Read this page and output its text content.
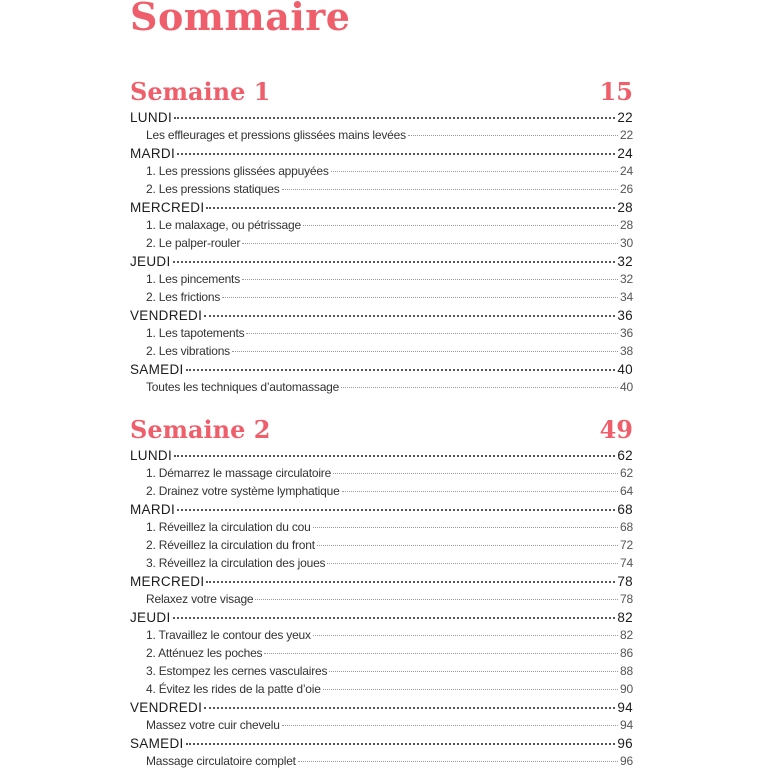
Sommaire
Semaine 1	15
LUNDI	22
Les effleurages et pressions glissées mains levées	22
MARDI	24
1. Les pressions glissées appuyées	24
2. Les pressions statiques	26
MERCREDI	28
1. Le malaxage, ou pétrissage	28
2. Le palper-rouler	30
JEUDI	32
1. Les pincements	32
2. Les frictions	34
VENDREDI	36
1. Les tapotements	36
2. Les vibrations	38
SAMEDI	40
Toutes les techniques d’automassage	40
Semaine 2	49
LUNDI	62
1. Démarrez le massage circulatoire	62
2. Drainez votre système lymphatique	64
MARDI	68
1. Réveillez la circulation du cou	68
2. Réveillez la circulation du front	72
3. Réveillez la circulation des joues	74
MERCREDI	78
Relaxez votre visage	78
JEUDI	82
1. Travaillez le contour des yeux	82
2. Atténuez les poches	86
3. Estompez les cernes vasculaires	88
4. Évitez les rides de la patte d’oie	90
VENDREDI	94
Massez votre cuir chevelu	94
SAMEDI	96
Massage circulatoire complet	96
